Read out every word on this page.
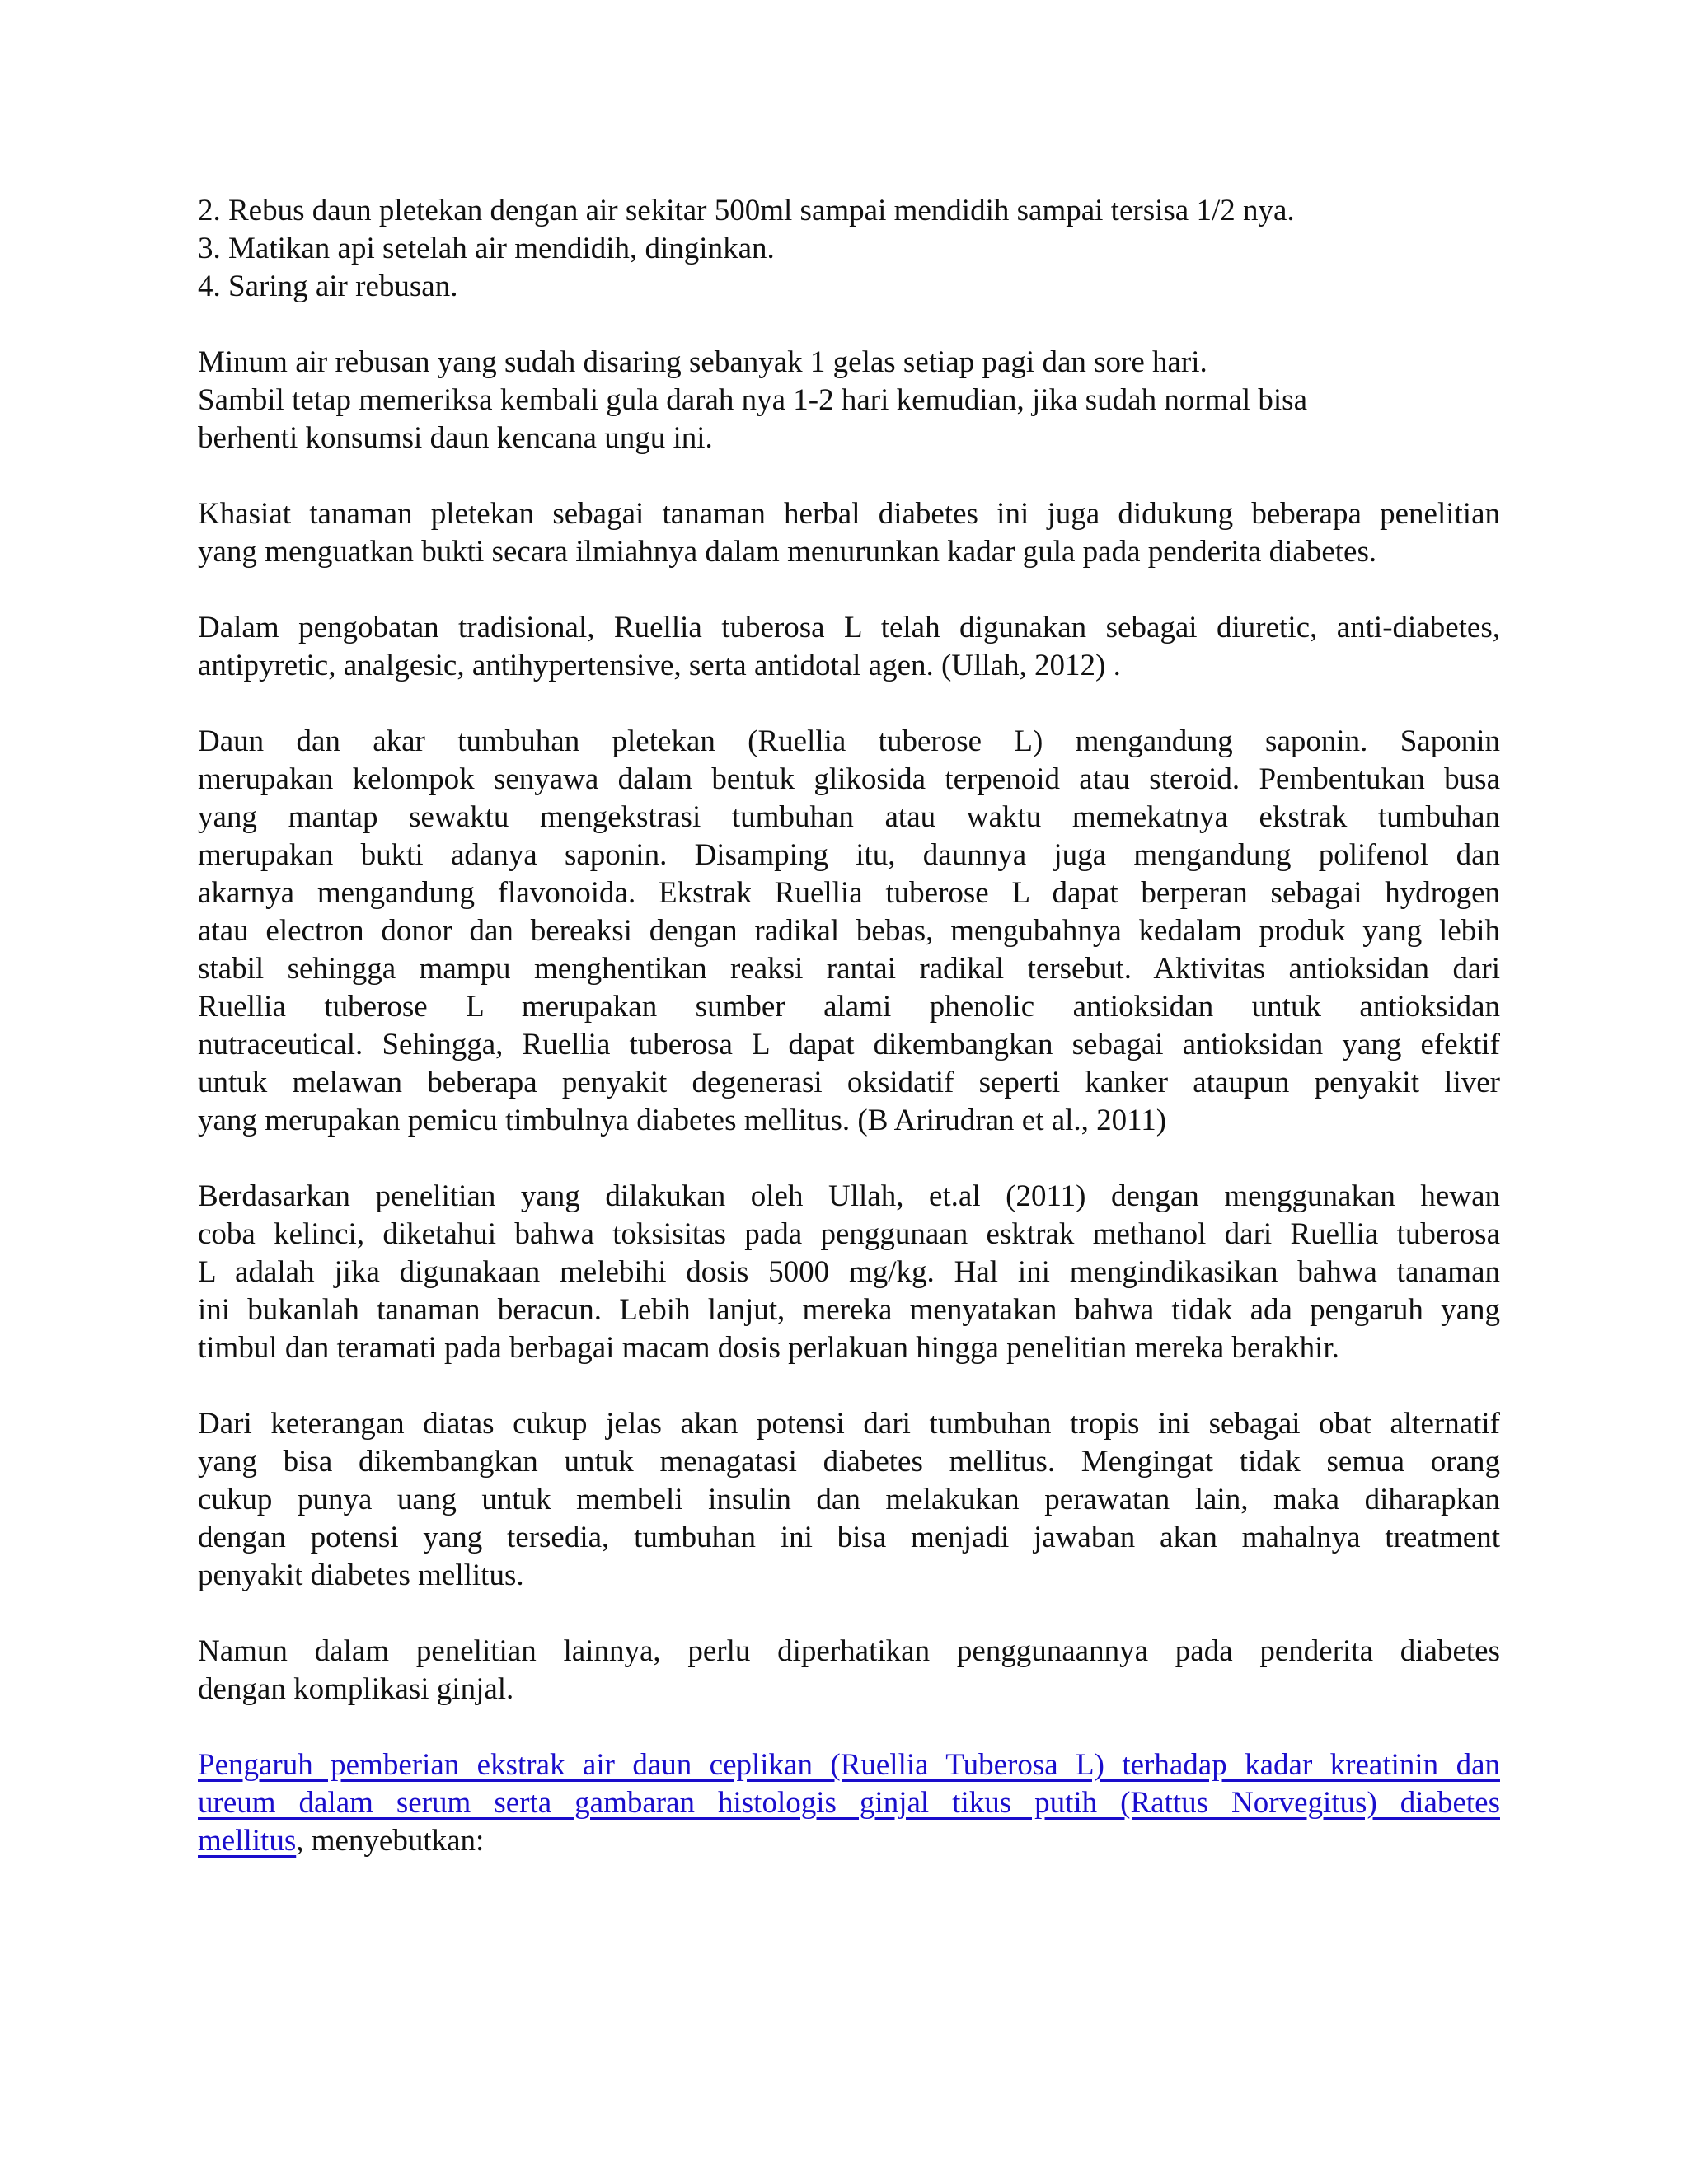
2. Rebus daun pletekan dengan air sekitar 500ml sampai mendidih sampai tersisa 1/2 nya.
3. Matikan api setelah air mendidih, dinginkan.
4. Saring air rebusan.
Minum air rebusan yang sudah disaring sebanyak 1 gelas setiap pagi dan sore hari.
Sambil tetap memeriksa kembali gula darah nya 1-2 hari kemudian, jika sudah normal bisa
berhenti konsumsi daun kencana ungu ini.
Khasiat tanaman pletekan sebagai tanaman herbal diabetes ini juga didukung beberapa penelitian
yang menguatkan bukti secara ilmiahnya dalam menurunkan kadar gula pada penderita diabetes.
Dalam pengobatan tradisional, Ruellia tuberosa L telah digunakan sebagai diuretic, anti-diabetes,
antipyretic, analgesic, antihypertensive, serta antidotal agen. (Ullah, 2012) .
Daun dan akar tumbuhan pletekan (Ruellia tuberose L) mengandung saponin. Saponin
merupakan kelompok senyawa dalam bentuk glikosida terpenoid atau steroid. Pembentukan busa
yang mantap sewaktu mengekstrasi tumbuhan atau waktu memekatnya ekstrak tumbuhan
merupakan bukti adanya saponin. Disamping itu, daunnya juga mengandung polifenol dan
akarnya mengandung flavonoida. Ekstrak Ruellia tuberose L dapat berperan sebagai hydrogen
atau electron donor dan bereaksi dengan radikal bebas, mengubahnya kedalam produk yang lebih
stabil sehingga mampu menghentikan reaksi rantai radikal tersebut. Aktivitas antioksidan dari
Ruellia tuberose L merupakan sumber alami phenolic antioksidan untuk antioksidan
nutraceutical. Sehingga, Ruellia tuberosa L dapat dikembangkan sebagai antioksidan yang efektif
untuk melawan beberapa penyakit degenerasi oksidatif seperti kanker ataupun penyakit liver
yang merupakan pemicu timbulnya diabetes mellitus. (B Arirudran et al., 2011)
Berdasarkan penelitian yang dilakukan oleh Ullah, et.al (2011) dengan menggunakan hewan
coba kelinci, diketahui bahwa toksisitas pada penggunaan esktrak methanol dari Ruellia tuberosa
L adalah jika digunakaan melebihi dosis 5000 mg/kg. Hal ini mengindikasikan bahwa tanaman
ini bukanlah tanaman beracun. Lebih lanjut, mereka menyatakan bahwa tidak ada pengaruh yang
timbul dan teramati pada berbagai macam dosis perlakuan hingga penelitian mereka berakhir.
Dari keterangan diatas cukup jelas akan potensi dari tumbuhan tropis ini sebagai obat alternatif
yang bisa dikembangkan untuk menagatasi diabetes mellitus. Mengingat tidak semua orang
cukup punya uang untuk membeli insulin dan melakukan perawatan lain, maka diharapkan
dengan potensi yang tersedia, tumbuhan ini bisa menjadi jawaban akan mahalnya treatment
penyakit diabetes mellitus.
Namun dalam penelitian lainnya, perlu diperhatikan penggunaannya pada penderita diabetes
dengan komplikasi ginjal.
Pengaruh pemberian ekstrak air daun ceplikan (Ruellia Tuberosa L) terhadap kadar kreatinin dan
ureum dalam serum serta gambaran histologis ginjal tikus putih (Rattus Norvegitus) diabetes
mellitus, menyebutkan:
